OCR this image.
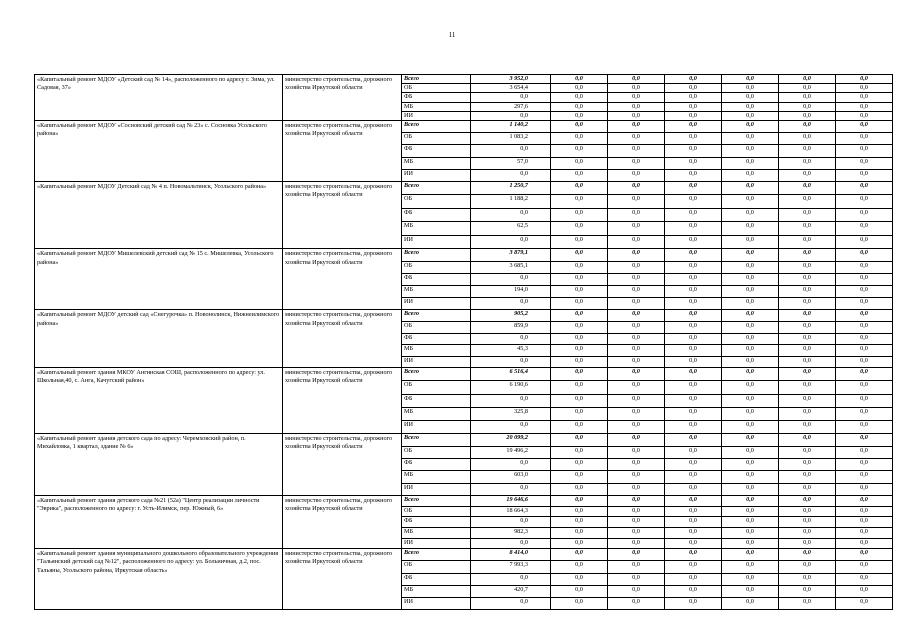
11
«Капитальный ремонт МДОУ «Детский сад № 14», расположенного по адресу г. Зима, ул. Садовая, 37»	министерство строительства, дорожного хозяйства Иркутской области	Всего	3 952,0	0,0	0,0	0,0	0,0	0,0	0,0
		ОБ	3 654,4	0,0	0,0	0,0	0,0	0,0	0,0
		ФБ	0,0	0,0	0,0	0,0	0,0	0,0	0,0
		МБ	297,6	0,0	0,0	0,0	0,0	0,0	0,0
		ИИ	0,0	0,0	0,0	0,0	0,0	0,0	0,0
«Капитальный ремонт МДОУ «Сосновский детский сад № 23» с. Сосновка Усольского района»	министерство строительства, дорожного хозяйства Иркутской области	Всего	1 140,2	0,0	0,0	0,0	0,0	0,0	0,0
		ОБ	1 083,2	0,0	0,0	0,0	0,0	0,0	0,0
		ФБ	0,0	0,0	0,0	0,0	0,0	0,0	0,0
		МБ	57,0	0,0	0,0	0,0	0,0	0,0	0,0
		ИИ	0,0	0,0	0,0	0,0	0,0	0,0	0,0
«Капитальный ремонт МДОУ Детский сад № 4 п. Новомальтинск, Усольского района»	министерство строительства, дорожного хозяйства Иркутской области	Всего	1 250,7	0,0	0,0	0,0	0,0	0,0	0,0
		ОБ	1 188,2	0,0	0,0	0,0	0,0	0,0	0,0
		ФБ	0,0	0,0	0,0	0,0	0,0	0,0	0,0
		МБ	62,5	0,0	0,0	0,0	0,0	0,0	0,0
		ИИ	0,0	0,0	0,0	0,0	0,0	0,0	0,0
«Капитальный ремонт МДОУ Мишелевский детский сад № 15 с. Мишелевка, Усольского района»	министерство строительства, дорожного хозяйства Иркутской области	Всего	3 879,1	0,0	0,0	0,0	0,0	0,0	0,0
		ОБ	3 685,1	0,0	0,0	0,0	0,0	0,0	0,0
		ФБ	0,0	0,0	0,0	0,0	0,0	0,0	0,0
		МБ	194,0	0,0	0,0	0,0	0,0	0,0	0,0
		ИИ	0,0	0,0	0,0	0,0	0,0	0,0	0,0
«Капитальный ремонт МДОУ детский сад «Снегурочка» п. Новонолинск, Нижнеилимского района»	министерство строительства, дорожного хозяйства Иркутской области	Всего	905,2	0,0	0,0	0,0	0,0	0,0	0,0
		ОБ	859,9	0,0	0,0	0,0	0,0	0,0	0,0
		ФБ	0,0	0,0	0,0	0,0	0,0	0,0	0,0
		МБ	45,3	0,0	0,0	0,0	0,0	0,0	0,0
		ИИ	0,0	0,0	0,0	0,0	0,0	0,0	0,0
«Капитальный ремонт здания МКОУ Ангинская СОШ, расположенного по адресу: ул. Школьная,40, с. Анга, Качугский район»	министерство строительства, дорожного хозяйства Иркутской области	Всего	6 516,4	0,0	0,0	0,0	0,0	0,0	0,0
		ОБ	6 190,6	0,0	0,0	0,0	0,0	0,0	0,0
		ФБ	0,0	0,0	0,0	0,0	0,0	0,0	0,0
		МБ	325,8	0,0	0,0	0,0	0,0	0,0	0,0
		ИИ	0,0	0,0	0,0	0,0	0,0	0,0	0,0
«Капитальный ремонт здания детского сада по адресу: Черемховский район, п. Михайловка, 1 квартал, здание № 6»	министерство строительства, дорожного хозяйства Иркутской области	Всего	20 099,2	0,0	0,0	0,0	0,0	0,0	0,0
		ОБ	19 496,2	0,0	0,0	0,0	0,0	0,0	0,0
		ФБ	0,0	0,0	0,0	0,0	0,0	0,0	0,0
		МБ	603,0	0,0	0,0	0,0	0,0	0,0	0,0
		ИИ	0,0	0,0	0,0	0,0	0,0	0,0	0,0
«Капитальный ремонт здания детского сада №21 (52а) "Центр реализации личности "Эврика", расположенного по адресу: г. Усть-Илимск, пер. Южный, 6»	министерство строительства, дорожного хозяйства Иркутской области	Всего	19 646,6	0,0	0,0	0,0	0,0	0,0	0,0
		ОБ	18 664,3	0,0	0,0	0,0	0,0	0,0	0,0
		ФБ	0,0	0,0	0,0	0,0	0,0	0,0	0,0
		МБ	982,3	0,0	0,0	0,0	0,0	0,0	0,0
		ИИ	0,0	0,0	0,0	0,0	0,0	0,0	0,0
«Капитальный ремонт здания муниципального дошкольного образовательного учреждения "Тальянский детский сад №12", расположенного по адресу: ул. Больничная, д.2, пос. Тальяны, Усольского района, Иркутская область»	министерство строительства, дорожного хозяйства Иркутской области	Всего	8 414,0	0,0	0,0	0,0	0,0	0,0	0,0
		ОБ	7 993,3	0,0	0,0	0,0	0,0	0,0	0,0
		ФБ	0,0	0,0	0,0	0,0	0,0	0,0	0,0
		МБ	420,7	0,0	0,0	0,0	0,0	0,0	0,0
		ИИ	0,0	0,0	0,0	0,0	0,0	0,0	0,0
